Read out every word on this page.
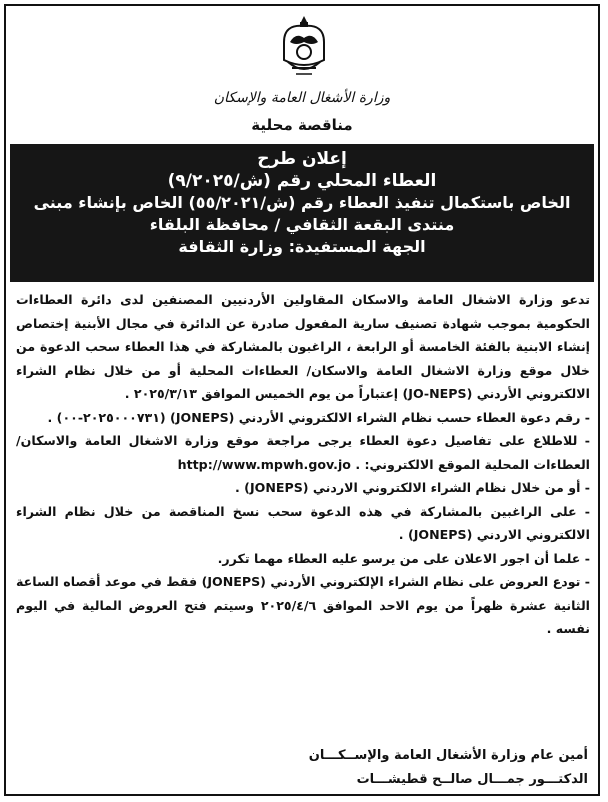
وزارة الأشغال العامة والإسكان
مناقصة محلية
إعلان طرح
العطاء المحلي رقم (ش/٩/٢٠٢٥)
الخاص باستكمال تنفيذ العطاء رقم (ش/٥٥/٢٠٢١) الخاص بإنشاء مبنى
منتدى البقعة الثقافي / محافظة البلقاء
الجهة المستفيدة: وزارة الثقافة

تدعو وزارة الاشغال العامة والاسكان المقاولين الأردنيين المصنفين لدى دائرة العطاءات الحكومية بموجب شهادة تصنيف سارية المفعول صادرة عن الدائرة في مجال الأبنية إختصاص إنشاء الابنية بالفئة الخامسة أو الرابعة ، الراغبون بالمشاركة في هذا العطاء سحب الدعوة من خلال موقع وزارة الاشغال العامة والاسكان/ العطاءات المحلية أو من خلال نظام الشراء الالكتروني الأردني (JO-NEPS) إعتباراً من يوم الخميس الموافق ٢٠٢٥/٣/١٣ .

- رقم دعوة العطاء حسب نظام الشراء الالكتروني الأردني (JONEPS) (٢٠٢٥٠٠٠٧٣١-٠٠) .

- للاطلاع على تفاصيل دعوة العطاء يرجى مراجعة موقع وزارة الاشغال العامة والاسكان/العطاءات المحلية الموقع الالكتروني: http://www.mpwh.gov.jo .

- أو من خلال نظام الشراء الالكتروني الاردني (JONEPS) .

- على الراغبين بالمشاركة في هذه الدعوة سحب نسخ المناقصة من خلال نظام الشراء الالكتروني الاردني (JONEPS) .

- علما أن اجور الاعلان على من يرسو عليه العطاء مهما تكرر.

- تودع العروض على نظام الشراء الإلكتروني الأردني (JONEPS) فقط في موعد أقصاه الساعة الثانية عشرة ظهراً من يوم الاحد الموافق ٢٠٢٥/٤/٦ وسيتم فتح العروض المالية في اليوم نفسه .

أمين عام وزارة الأشغال العامة والإســكـــان
الدكتـــور جمـــال صالــح قطيشـــات
